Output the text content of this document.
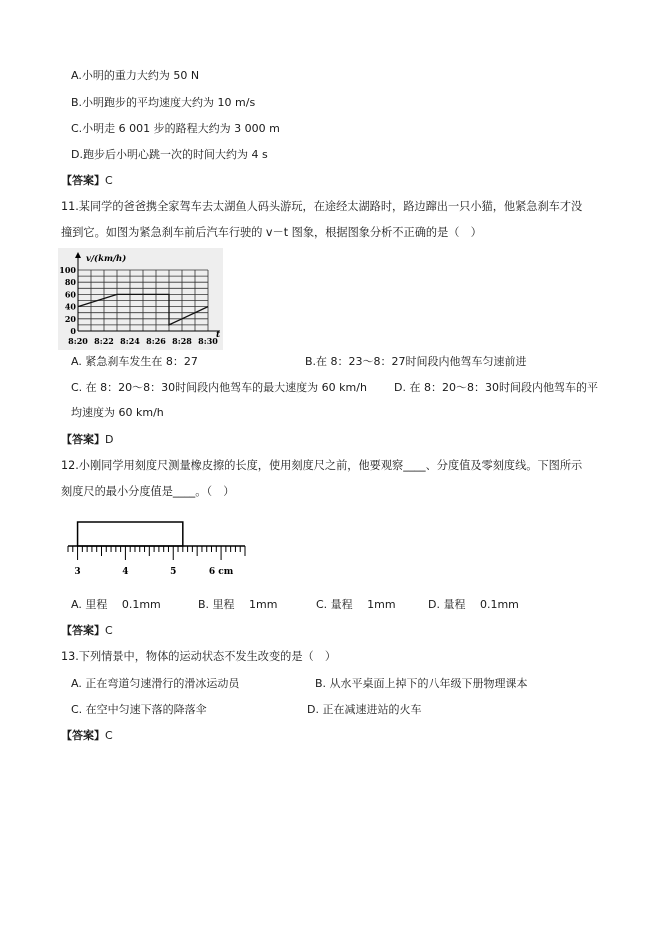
A.小明的重力大约为 50 N
B.小明跑步的平均速度大约为 10 m/s
C.小明走 6 001 步的路程大约为 3 000 m
D.跑步后小明心跳一次的时间大约为 4 s
【答案】C
11.某同学的爸爸携全家驾车去太湖鱼人码头游玩，在途经太湖路时，路边蹿出一只小猫，他紧急刹车才没
撞到它。如图为紧急刹车前后汽车行驶的 v－t 图象，根据图象分析不正确的是（　）
8:20 8:22 8:24 8:26 8:28 8:30
0
20
40
60
80
100
v/(km/h)
t
A. 紧急刹车发生在 8：27	B.在 8：23～8：27时间段内他驾车匀速前进
C. 在 8：20～8：30时间段内他驾车的最大速度为 60 km/h D. 在 8：20～8：30时间段内他驾车的平
均速度为 60 km/h
【答案】D
12.小刚同学用刻度尺测量橡皮擦的长度，使用刻度尺之前，他要观察____、分度值及零刻度线。下图所示
刻度尺的最小分度值是____。（　）
3	4	5	6 cm
A. 里程　 0.1mm	B. 里程　 1mm	C. 量程　 1mm	D. 量程　 0.1mm
【答案】C
13.下列情景中，物体的运动状态不发生改变的是（　）
A. 正在弯道匀速滑行的滑冰运动员	B. 从水平桌面上掉下的八年级下册物理课本
C. 在空中匀速下落的降落伞	D. 正在减速进站的火车
【答案】C
